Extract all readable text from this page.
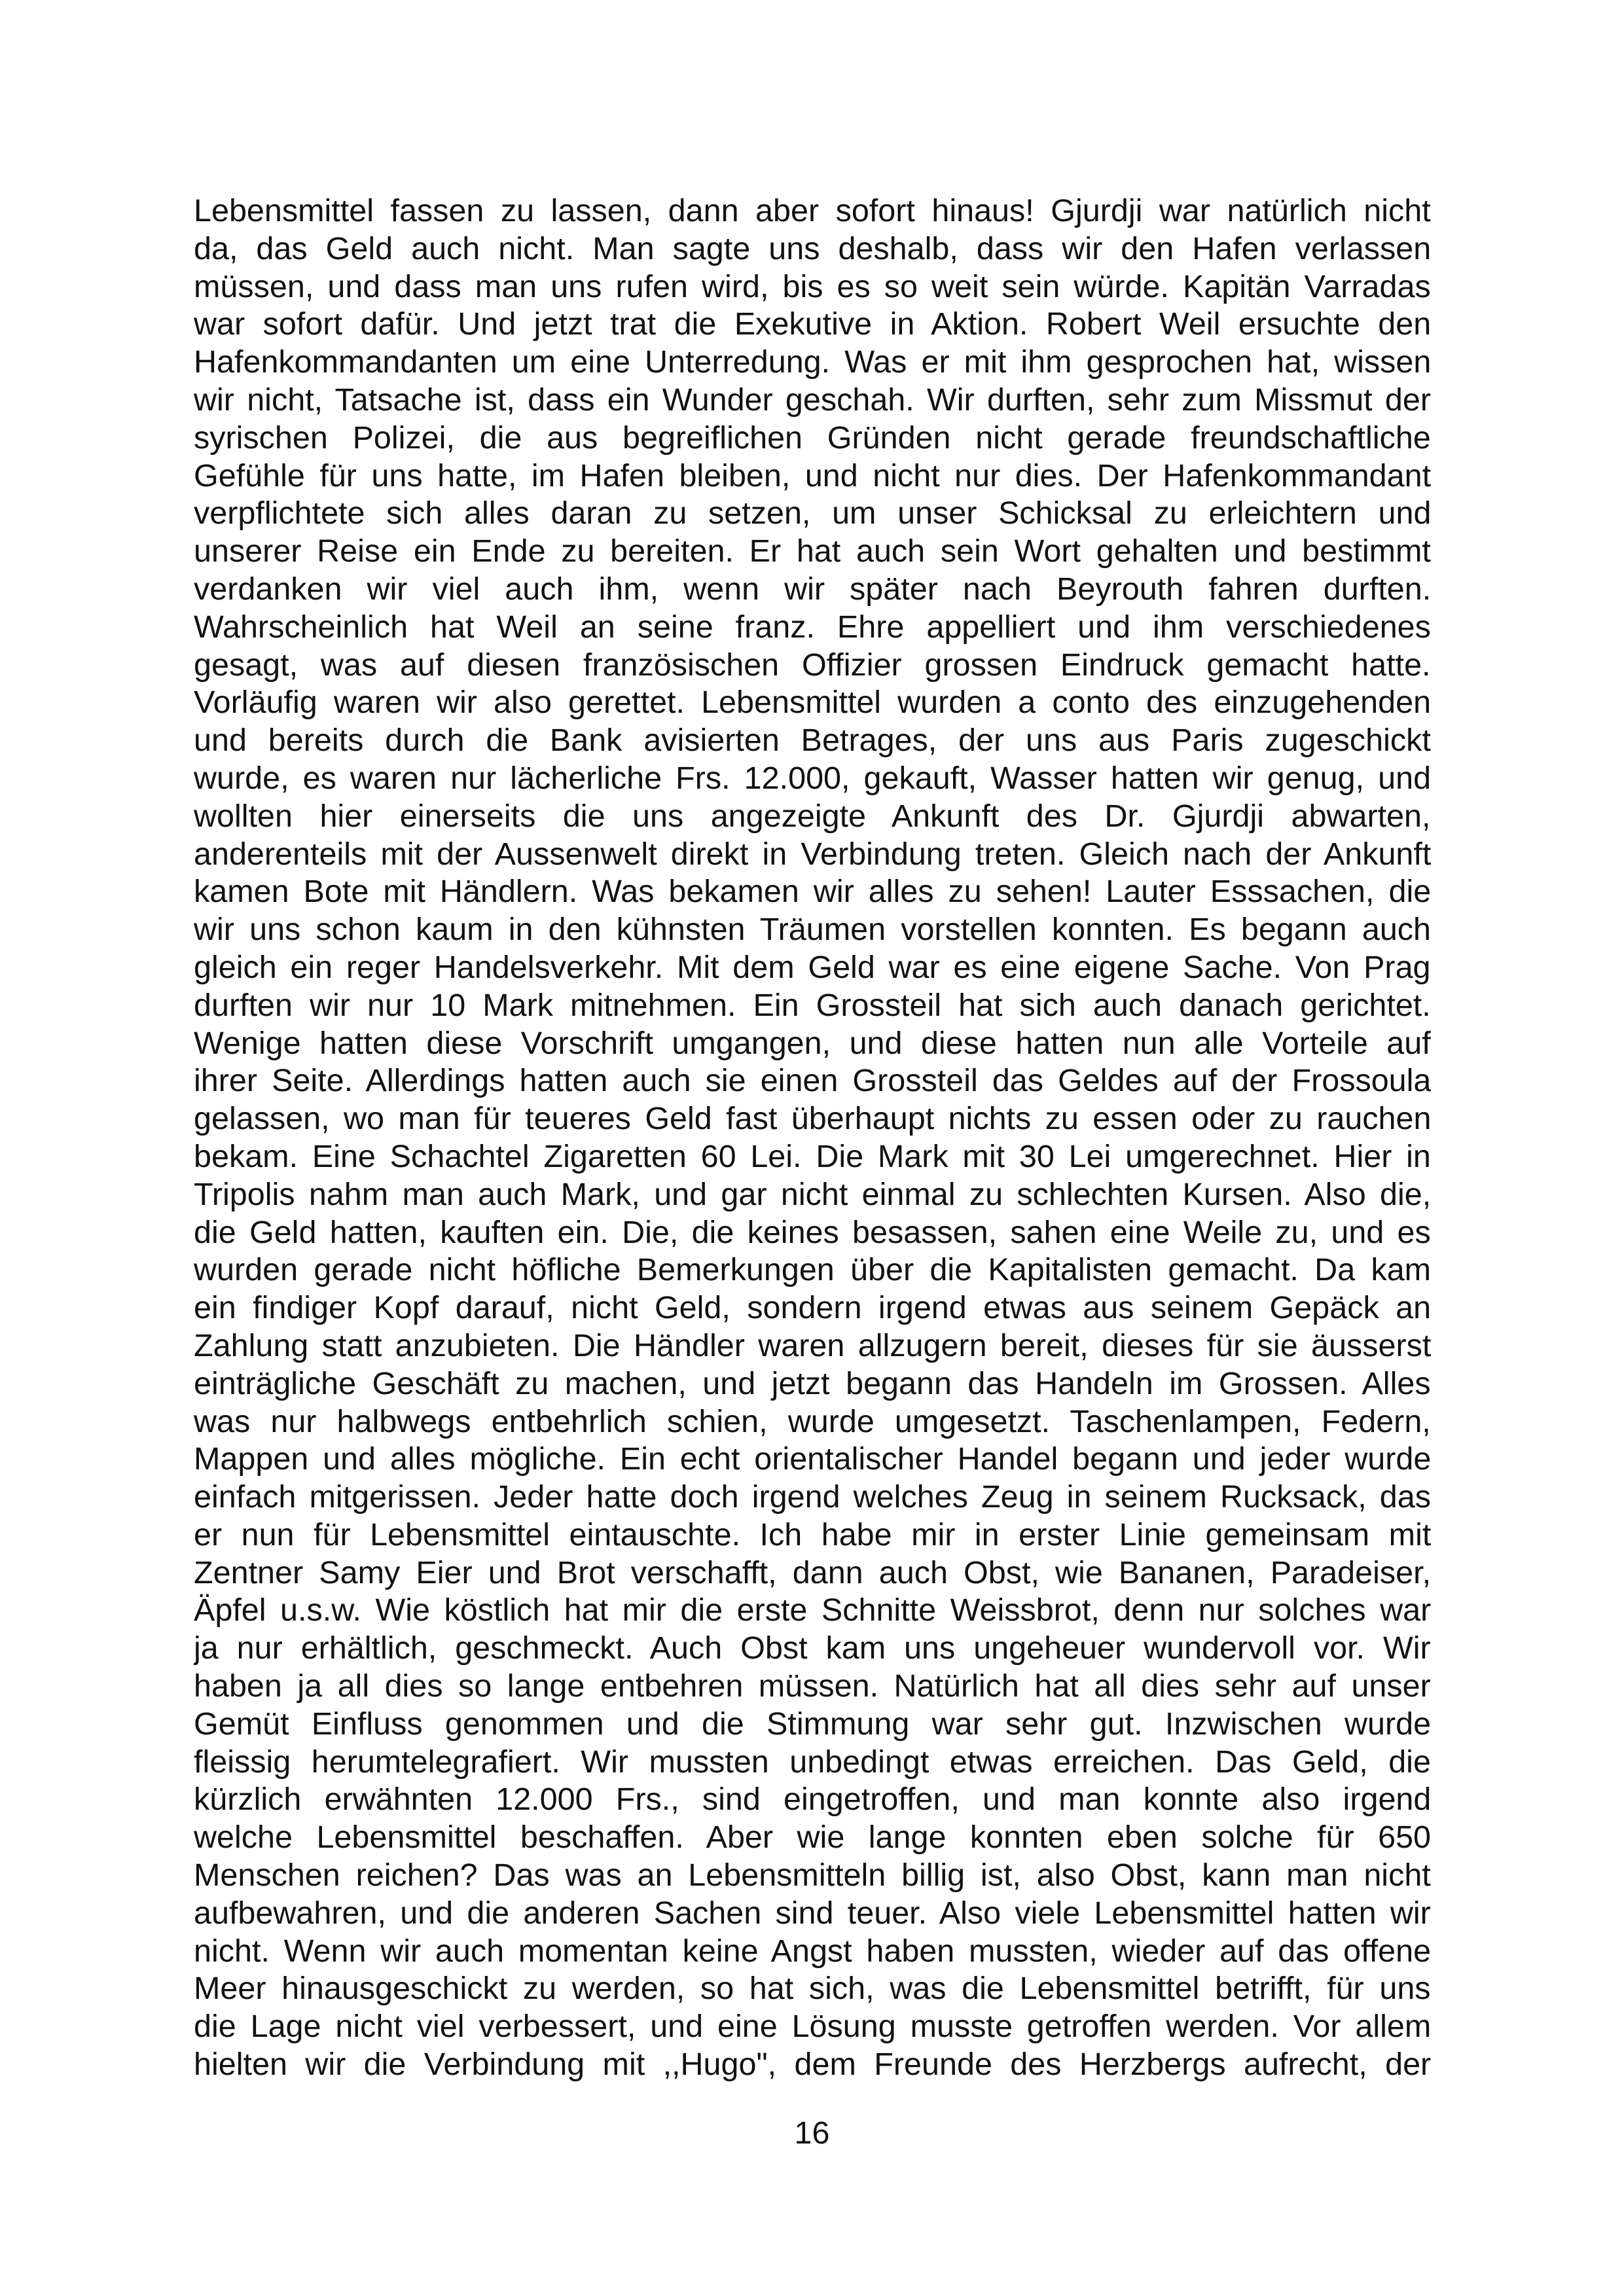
Lebensmittel fassen zu lassen, dann aber sofort hinaus! Gjurdji war natürlich nicht
da, das Geld auch nicht. Man sagte uns deshalb, dass wir den Hafen verlassen
müssen, und dass man uns rufen wird, bis es so weit sein würde. Kapitän Varradas
war sofort dafür. Und jetzt trat die Exekutive in Aktion. Robert Weil ersuchte den
Hafenkommandanten um eine Unterredung. Was er mit ihm gesprochen hat, wissen
wir nicht, Tatsache ist, dass ein Wunder geschah. Wir durften, sehr zum Missmut der
syrischen Polizei, die aus begreiflichen Gründen nicht gerade freundschaftliche
Gefühle für uns hatte, im Hafen bleiben, und nicht nur dies. Der Hafenkommandant
verpflichtete sich alles daran zu setzen, um unser Schicksal zu erleichtern und
unserer Reise ein Ende zu bereiten. Er hat auch sein Wort gehalten und bestimmt
verdanken wir viel auch ihm, wenn wir später nach Beyrouth fahren durften.
Wahrscheinlich hat Weil an seine franz. Ehre appelliert und ihm verschiedenes
gesagt, was auf diesen französischen Offizier grossen Eindruck gemacht hatte.
Vorläufig waren wir also gerettet. Lebensmittel wurden a conto des einzugehenden
und bereits durch die Bank avisierten Betrages, der uns aus Paris zugeschickt
wurde, es waren nur lächerliche Frs. 12.000, gekauft, Wasser hatten wir genug, und
wollten hier einerseits die uns angezeigte Ankunft des Dr. Gjurdji abwarten,
anderenteils mit der Aussenwelt direkt in Verbindung treten. Gleich nach der Ankunft
kamen Bote mit Händlern. Was bekamen wir alles zu sehen! Lauter Esssachen, die
wir uns schon kaum in den kühnsten Träumen vorstellen konnten. Es begann auch
gleich ein reger Handelsverkehr. Mit dem Geld war es eine eigene Sache. Von Prag
durften wir nur 10 Mark mitnehmen. Ein Grossteil hat sich auch danach gerichtet.
Wenige hatten diese Vorschrift umgangen, und diese hatten nun alle Vorteile auf
ihrer Seite. Allerdings hatten auch sie einen Grossteil das Geldes auf der Frossoula
gelassen, wo man für teueres Geld fast überhaupt nichts zu essen oder zu rauchen
bekam. Eine Schachtel Zigaretten 60 Lei. Die Mark mit 30 Lei umgerechnet. Hier in
Tripolis nahm man auch Mark, und gar nicht einmal zu schlechten Kursen. Also die,
die Geld hatten, kauften ein. Die, die keines besassen, sahen eine Weile zu, und es
wurden gerade nicht höfliche Bemerkungen über die Kapitalisten gemacht. Da kam
ein findiger Kopf darauf, nicht Geld, sondern irgend etwas aus seinem Gepäck an
Zahlung statt anzubieten. Die Händler waren allzugern bereit, dieses für sie äusserst
einträgliche Geschäft zu machen, und jetzt begann das Handeln im Grossen. Alles
was nur halbwegs entbehrlich schien, wurde umgesetzt. Taschenlampen, Federn,
Mappen und alles mögliche. Ein echt orientalischer Handel begann und jeder wurde
einfach mitgerissen. Jeder hatte doch irgend welches Zeug in seinem Rucksack, das
er nun für Lebensmittel eintauschte. Ich habe mir in erster Linie gemeinsam mit
Zentner Samy Eier und Brot verschafft, dann auch Obst, wie Bananen, Paradeiser,
Äpfel u.s.w. Wie köstlich hat mir die erste Schnitte Weissbrot, denn nur solches war
ja nur erhältlich, geschmeckt. Auch Obst kam uns ungeheuer wundervoll vor. Wir
haben ja all dies so lange entbehren müssen. Natürlich hat all dies sehr auf unser
Gemüt Einfluss genommen und die Stimmung war sehr gut. Inzwischen wurde
fleissig herumtelegrafiert. Wir mussten unbedingt etwas erreichen. Das Geld, die
kürzlich erwähnten 12.000 Frs., sind eingetroffen, und man konnte also irgend
welche Lebensmittel beschaffen. Aber wie lange konnten eben solche für 650
Menschen reichen? Das was an Lebensmitteln billig ist, also Obst, kann man nicht
aufbewahren, und die anderen Sachen sind teuer. Also viele Lebensmittel hatten wir
nicht. Wenn wir auch momentan keine Angst haben mussten, wieder auf das offene
Meer hinausgeschickt zu werden, so hat sich, was die Lebensmittel betrifft, für uns
die Lage nicht viel verbessert, und eine Lösung musste getroffen werden. Vor allem
hielten wir die Verbindung mit ,,Hugo", dem Freunde des Herzbergs aufrecht, der
16
